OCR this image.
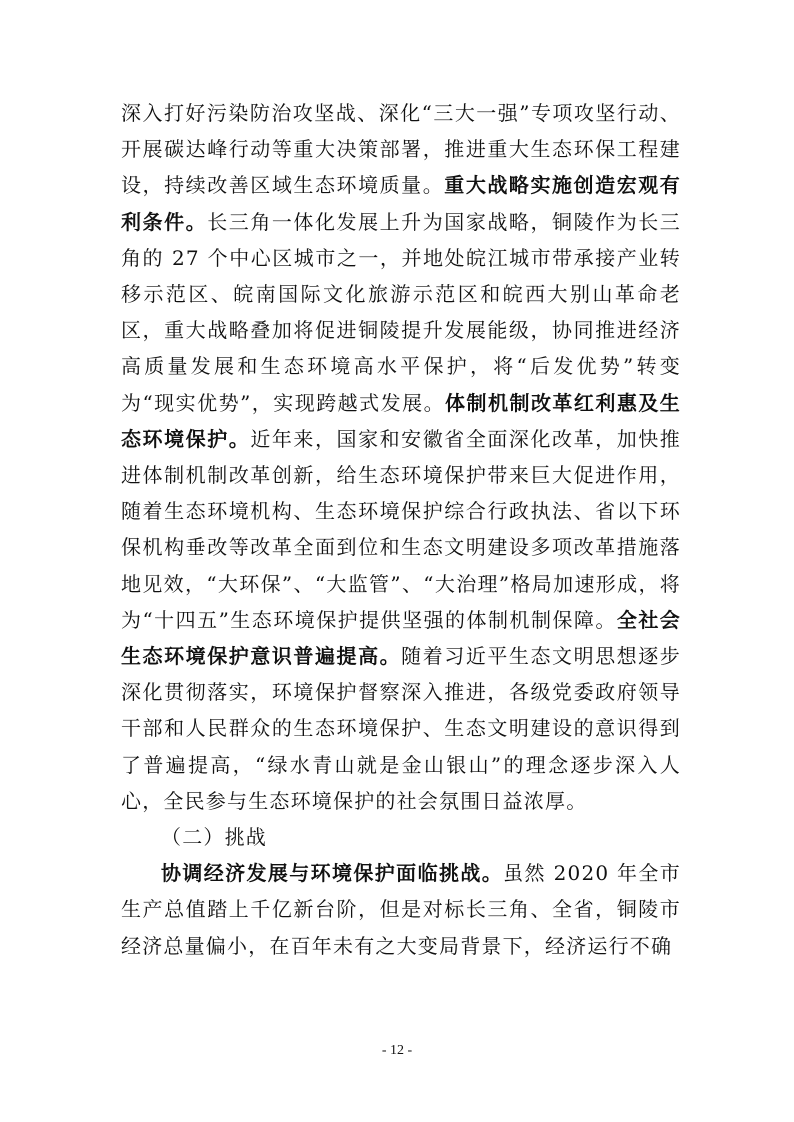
深入打好污染防治攻坚战、深化“三大一强”专项攻坚行动、开展碳达峰行动等重大决策部署，推进重大生态环保工程建设，持续改善区域生态环境质量。重大战略实施创造宏观有利条件。长三角一体化发展上升为国家战略，铜陵作为长三角的 27 个中心区城市之一，并地处皖江城市带承接产业转移示范区、皖南国际文化旅游示范区和皖西大别山革命老区，重大战略叠加将促进铜陵提升发展能级，协同推进经济高质量发展和生态环境高水平保护，将“后发优势”转变为“现实优势”，实现跨越式发展。体制机制改革红利惠及生态环境保护。近年来，国家和安徽省全面深化改革，加快推进体制机制改革创新，给生态环境保护带来巨大促进作用，随着生态环境机构、生态环境保护综合行政执法、省以下环保机构垂改等改革全面到位和生态文明建设多项改革措施落地见效，“大环保”、“大监管”、“大治理”格局加速形成，将为“十四五”生态环境保护提供坚强的体制机制保障。全社会生态环境保护意识普遍提高。随着习近平生态文明思想逐步深化贯彻落实，环境保护督察深入推进，各级党委政府领导干部和人民群众的生态环境保护、生态文明建设的意识得到了普遍提高，“绿水青山就是金山银山”的理念逐步深入人心，全民参与生态环境保护的社会氛围日益浓厚。

（二）挑战

协调经济发展与环境保护面临挑战。虽然 2020 年全市生产总值踏上千亿新台阶，但是对标长三角、全省，铜陵市经济总量偏小，在百年未有之大变局背景下，经济运行不确

- 12 -
